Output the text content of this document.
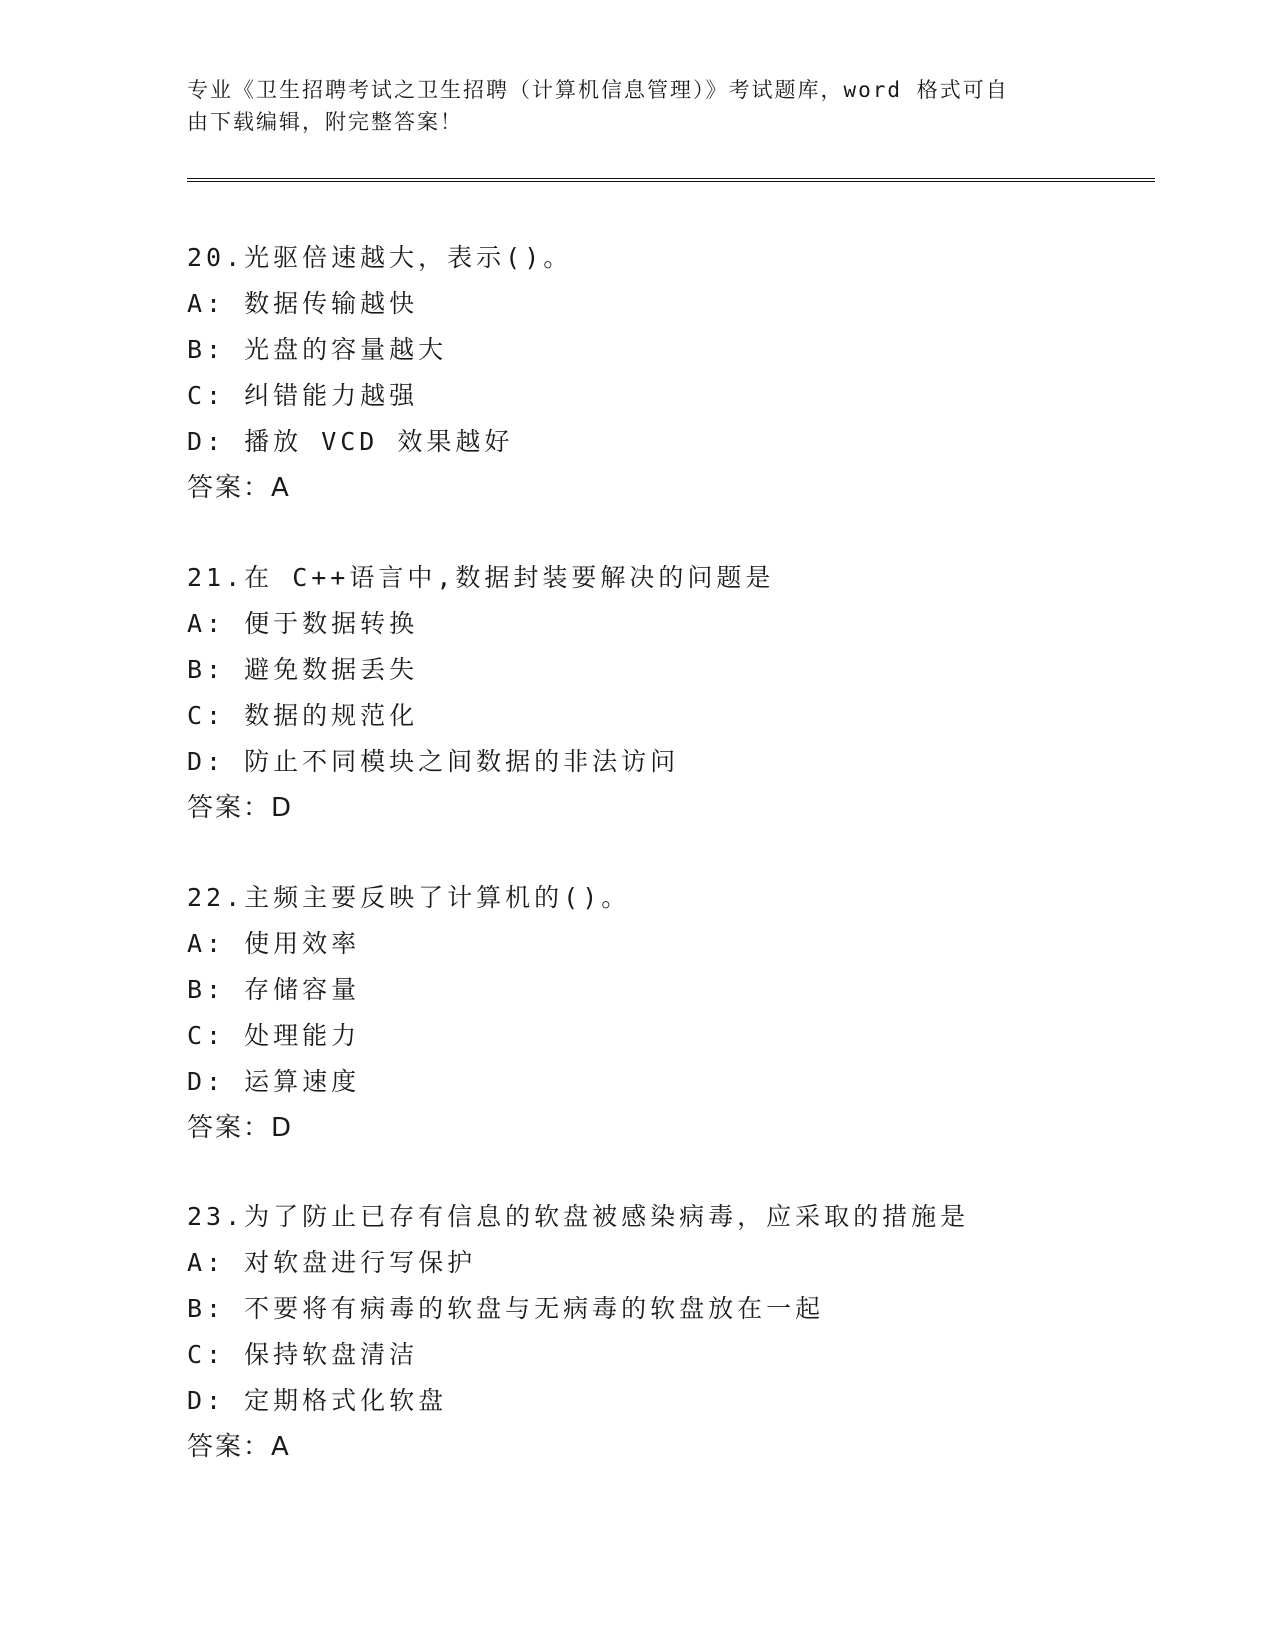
专业《卫生招聘考试之卫生招聘（计算机信息管理）》考试题库，word 格式可自
由下载编辑，附完整答案！
20.光驱倍速越大，表示()。
A: 数据传输越快
B: 光盘的容量越大
C: 纠错能力越强
D: 播放 VCD 效果越好
答案：A
21.在 C++语言中,数据封装要解决的问题是
A: 便于数据转换
B: 避免数据丢失
C: 数据的规范化
D: 防止不同模块之间数据的非法访问
答案：D
22.主频主要反映了计算机的()。
A: 使用效率
B: 存储容量
C: 处理能力
D: 运算速度
答案：D
23.为了防止已存有信息的软盘被感染病毒，应采取的措施是
A: 对软盘进行写保护
B: 不要将有病毒的软盘与无病毒的软盘放在一起
C: 保持软盘清洁
D: 定期格式化软盘
答案：A
